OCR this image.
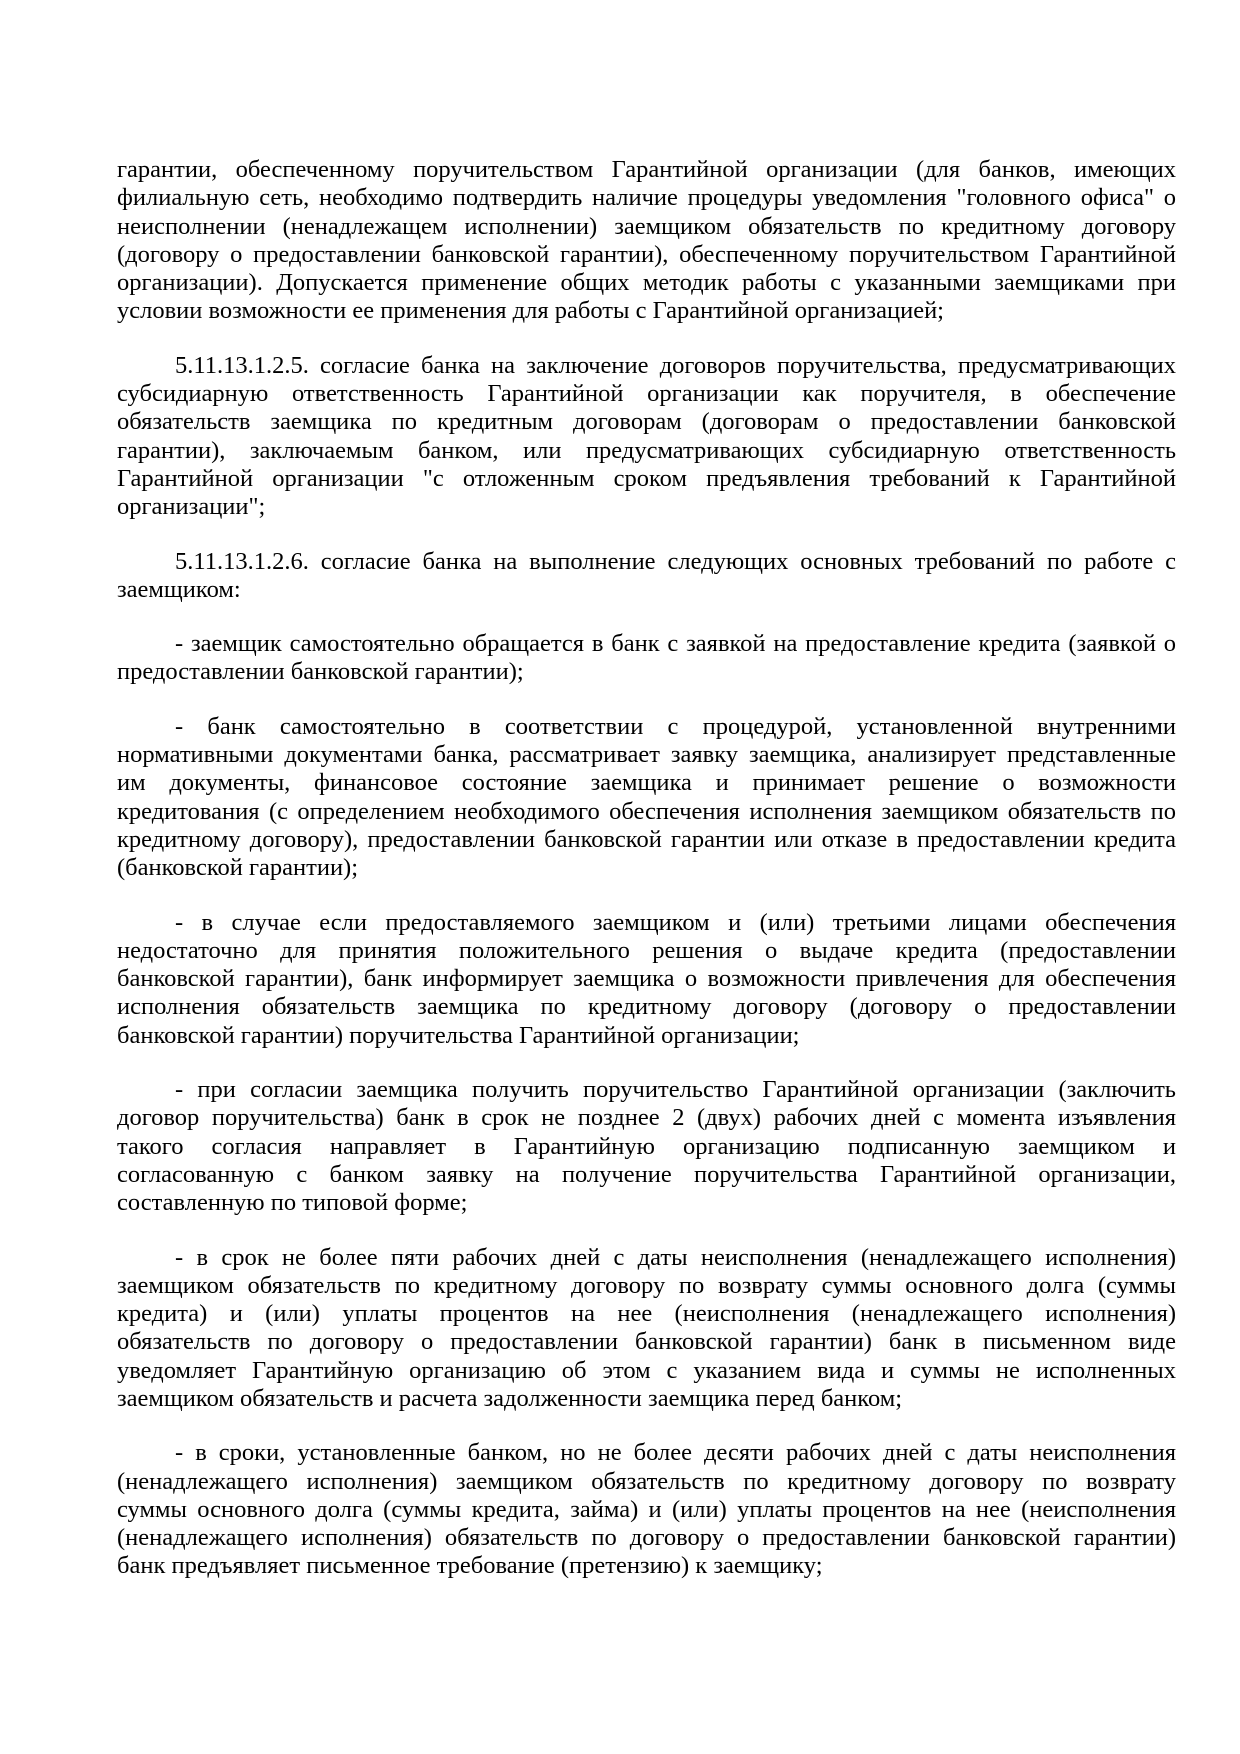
гарантии, обеспеченному поручительством Гарантийной организации (для банков, имеющих
филиальную сеть, необходимо подтвердить наличие процедуры уведомления "головного офиса" о
неисполнении (ненадлежащем исполнении) заемщиком обязательств по кредитному договору
(договору о предоставлении банковской гарантии), обеспеченному поручительством Гарантийной
организации). Допускается применение общих методик работы с указанными заемщиками при
условии возможности ее применения для работы с Гарантийной организацией;
5.11.13.1.2.5. согласие банка на заключение договоров поручительства, предусматривающих
субсидиарную ответственность Гарантийной организации как поручителя, в обеспечение
обязательств заемщика по кредитным договорам (договорам о предоставлении банковской
гарантии), заключаемым банком, или предусматривающих субсидиарную ответственность
Гарантийной организации "с отложенным сроком предъявления требований к Гарантийной
организации";
5.11.13.1.2.6. согласие банка на выполнение следующих основных требований по работе с
заемщиком:
- заемщик самостоятельно обращается в банк с заявкой на предоставление кредита (заявкой о
предоставлении банковской гарантии);
- банк самостоятельно в соответствии с процедурой, установленной внутренними
нормативными документами банка, рассматривает заявку заемщика, анализирует представленные
им документы, финансовое состояние заемщика и принимает решение о возможности
кредитования (с определением необходимого обеспечения исполнения заемщиком обязательств по
кредитному договору), предоставлении банковской гарантии или отказе в предоставлении кредита
(банковской гарантии);
- в случае если предоставляемого заемщиком и (или) третьими лицами обеспечения
недостаточно для принятия положительного решения о выдаче кредита (предоставлении
банковской гарантии), банк информирует заемщика о возможности привлечения для обеспечения
исполнения обязательств заемщика по кредитному договору (договору о предоставлении
банковской гарантии) поручительства Гарантийной организации;
- при согласии заемщика получить поручительство Гарантийной организации (заключить
договор поручительства) банк в срок не позднее 2 (двух) рабочих дней с момента изъявления
такого согласия направляет в Гарантийную организацию подписанную заемщиком и
согласованную с банком заявку на получение поручительства Гарантийной организации,
составленную по типовой форме;
- в срок не более пяти рабочих дней с даты неисполнения (ненадлежащего исполнения)
заемщиком обязательств по кредитному договору по возврату суммы основного долга (суммы
кредита) и (или) уплаты процентов на нее (неисполнения (ненадлежащего исполнения)
обязательств по договору о предоставлении банковской гарантии) банк в письменном виде
уведомляет Гарантийную организацию об этом с указанием вида и суммы не исполненных
заемщиком обязательств и расчета задолженности заемщика перед банком;
- в сроки, установленные банком, но не более десяти рабочих дней с даты неисполнения
(ненадлежащего исполнения) заемщиком обязательств по кредитному договору по возврату
суммы основного долга (суммы кредита, займа) и (или) уплаты процентов на нее (неисполнения
(ненадлежащего исполнения) обязательств по договору о предоставлении банковской гарантии)
банк предъявляет письменное требование (претензию) к заемщику;
